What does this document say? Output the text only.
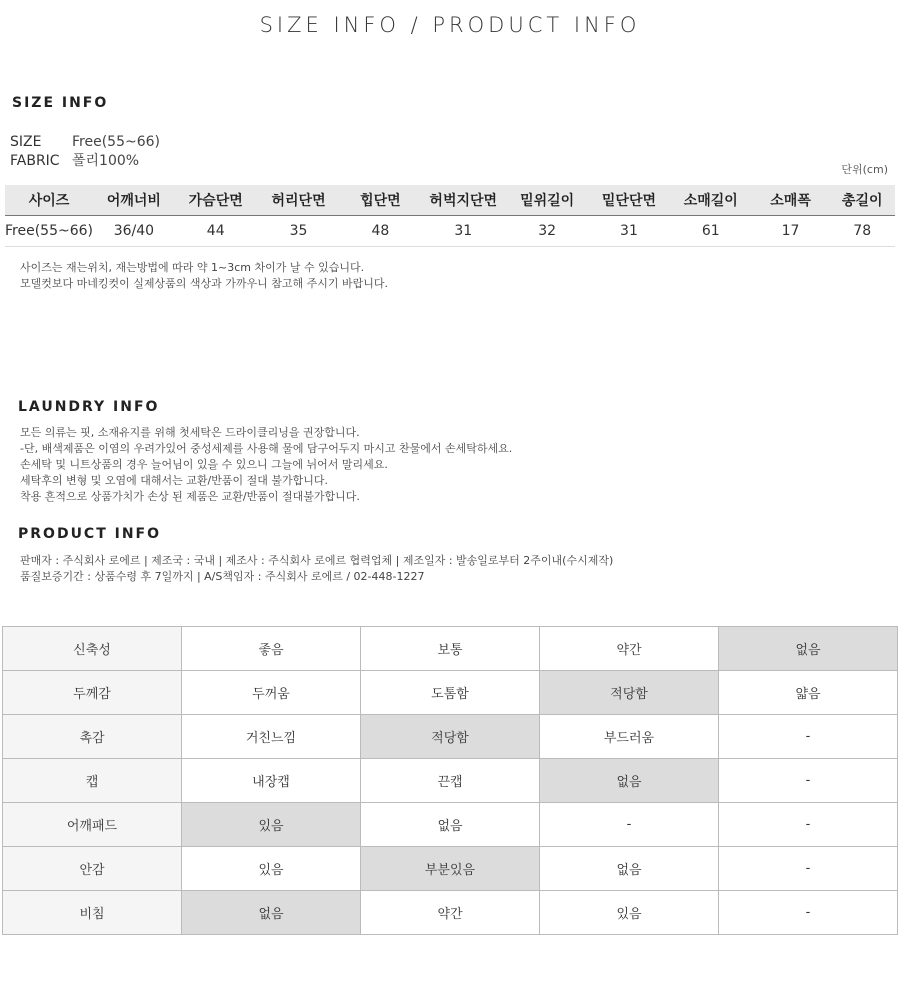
SIZE INFO / PRODUCT INFO
SIZE INFO
SIZE Free(55~66)
FABRIC 폴리100%
단위(cm)
사이즈	어깨너비	가슴단면	허리단면	힙단면	허벅지단면	밑위길이	밑단단면	소매길이	소매폭	총길이
Free(55~66)	36/40	44	35	48	31	32	31	61	17	78
사이즈는 재는위치, 재는방법에 따라 약 1~3cm 차이가 날 수 있습니다.
모델컷보다 마네킹컷이 실제상품의 색상과 가까우니 참고해 주시기 바랍니다.
LAUNDRY INFO
모든 의류는 핏, 소재유지를 위해 첫세탁은 드라이클리닝을 권장합니다.
-단, 배색제품은 이염의 우려가있어 중성세제를 사용해 물에 담구어두지 마시고 찬물에서 손세탁하세요.
손세탁 및 니트상품의 경우 늘어님이 있을 수 있으니 그늘에 뉘어서 말리세요.
세탁후의 변형 및 오염에 대해서는 교환/반품이 절대 불가합니다.
착용 흔적으로 상품가치가 손상 된 제품은 교환/반품이 절대불가합니다.
PRODUCT INFO
판매자 : 주식회사 로에르 | 제조국 : 국내 | 제조사 : 주식회사 로에르 협력업체 | 제조일자 : 발송일로부터 2주이내(수시제작)
품질보증기간 : 상품수령 후 7일까지 | A/S책임자 : 주식회사 로에르 / 02-448-1227
신축성	좋음	보통	약간	없음
두께감	두꺼움	도톰함	적당함	얇음
촉감	거친느낌	적당함	부드러움	-
캡	내장캡	끈캡	없음	-
어깨패드	있음	없음	-	-
안감	있음	부분있음	없음	-
비침	없음	약간	있음	-
